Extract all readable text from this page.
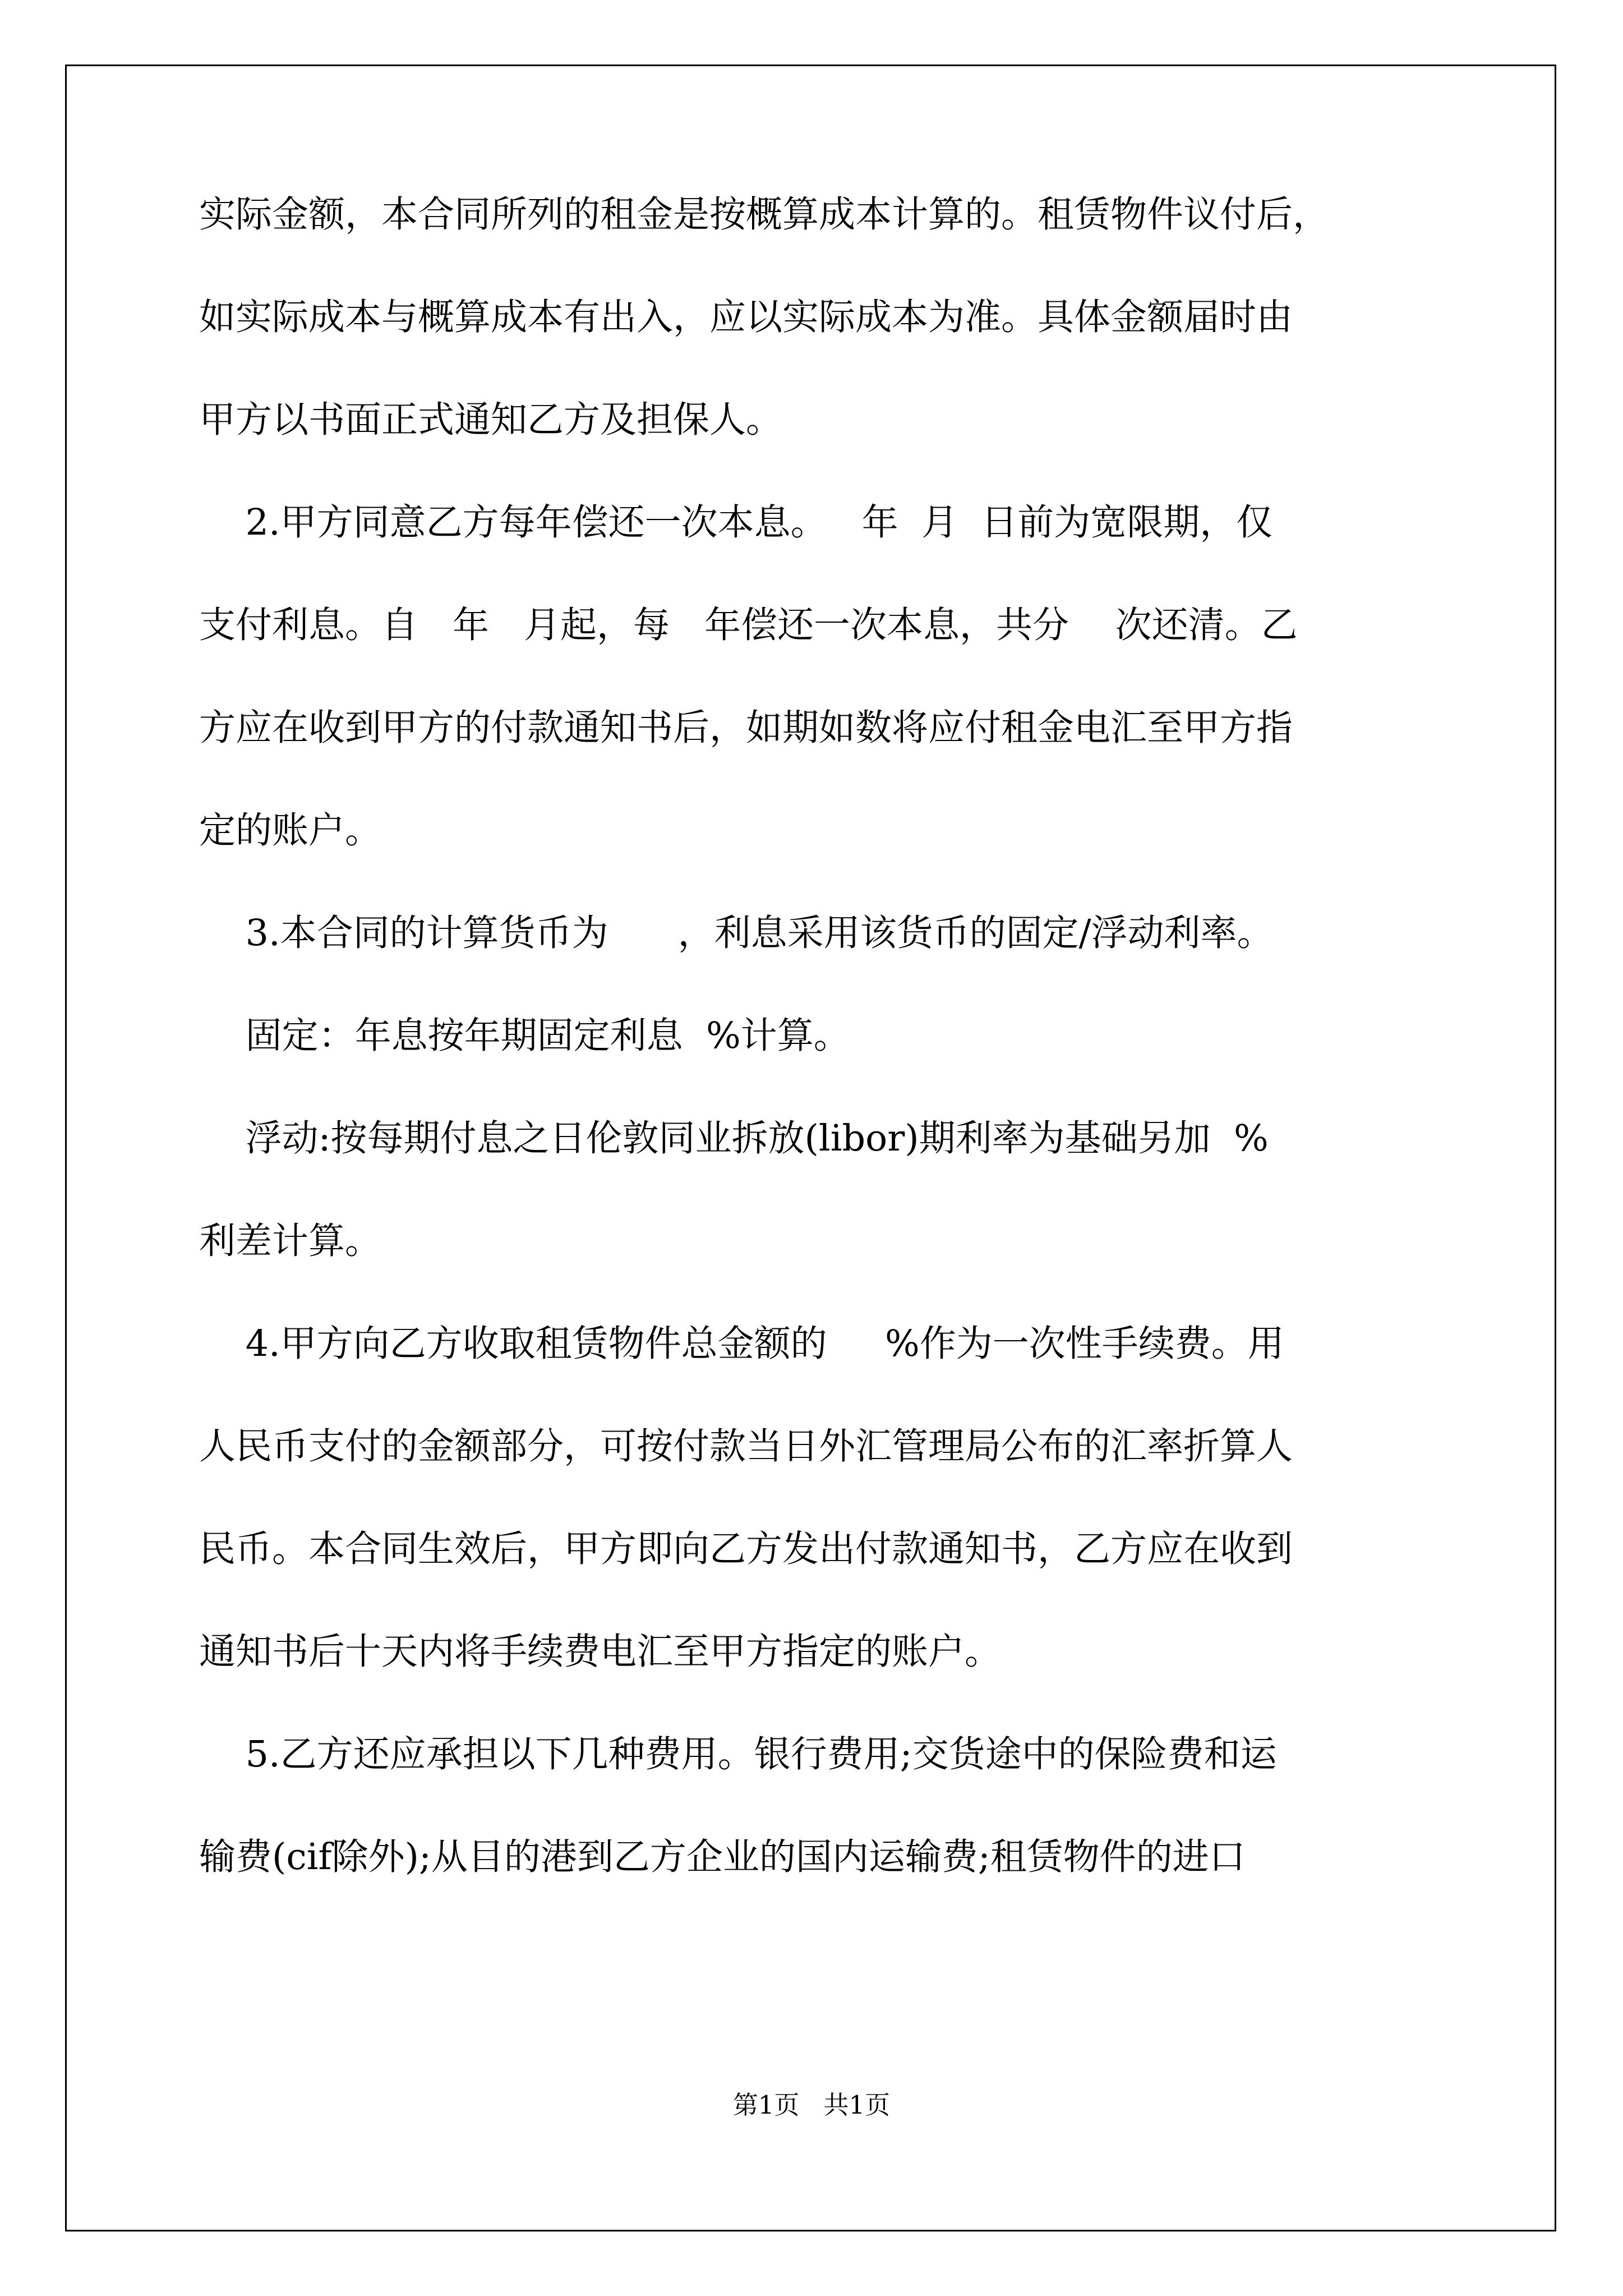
实际金额，本合同所列的租金是按概算成本计算的。租赁物件议付后，
如实际成本与概算成本有出入，应以实际成本为准。具体金额届时由
甲方以书面正式通知乙方及担保人。
2.甲方同意乙方每年偿还一次本息。   年  月  日前为宽限期，仅
支付利息。自   年   月起，每   年偿还一次本息，共分    次还清。乙
方应在收到甲方的付款通知书后，如期如数将应付租金电汇至甲方指
定的账户。
3.本合同的计算货币为      ，利息采用该货币的固定/浮动利率。
固定：年息按年期固定利息  %计算。
浮动:按每期付息之日伦敦同业拆放(libor)期利率为基础另加  %
利差计算。
4.甲方向乙方收取租赁物件总金额的     %作为一次性手续费。用
人民币支付的金额部分，可按付款当日外汇管理局公布的汇率折算人
民币。本合同生效后，甲方即向乙方发出付款通知书，乙方应在收到
通知书后十天内将手续费电汇至甲方指定的账户。
5.乙方还应承担以下几种费用。银行费用;交货途中的保险费和运
输费(cif除外);从目的港到乙方企业的国内运输费;租赁物件的进口
第1页   共1页
